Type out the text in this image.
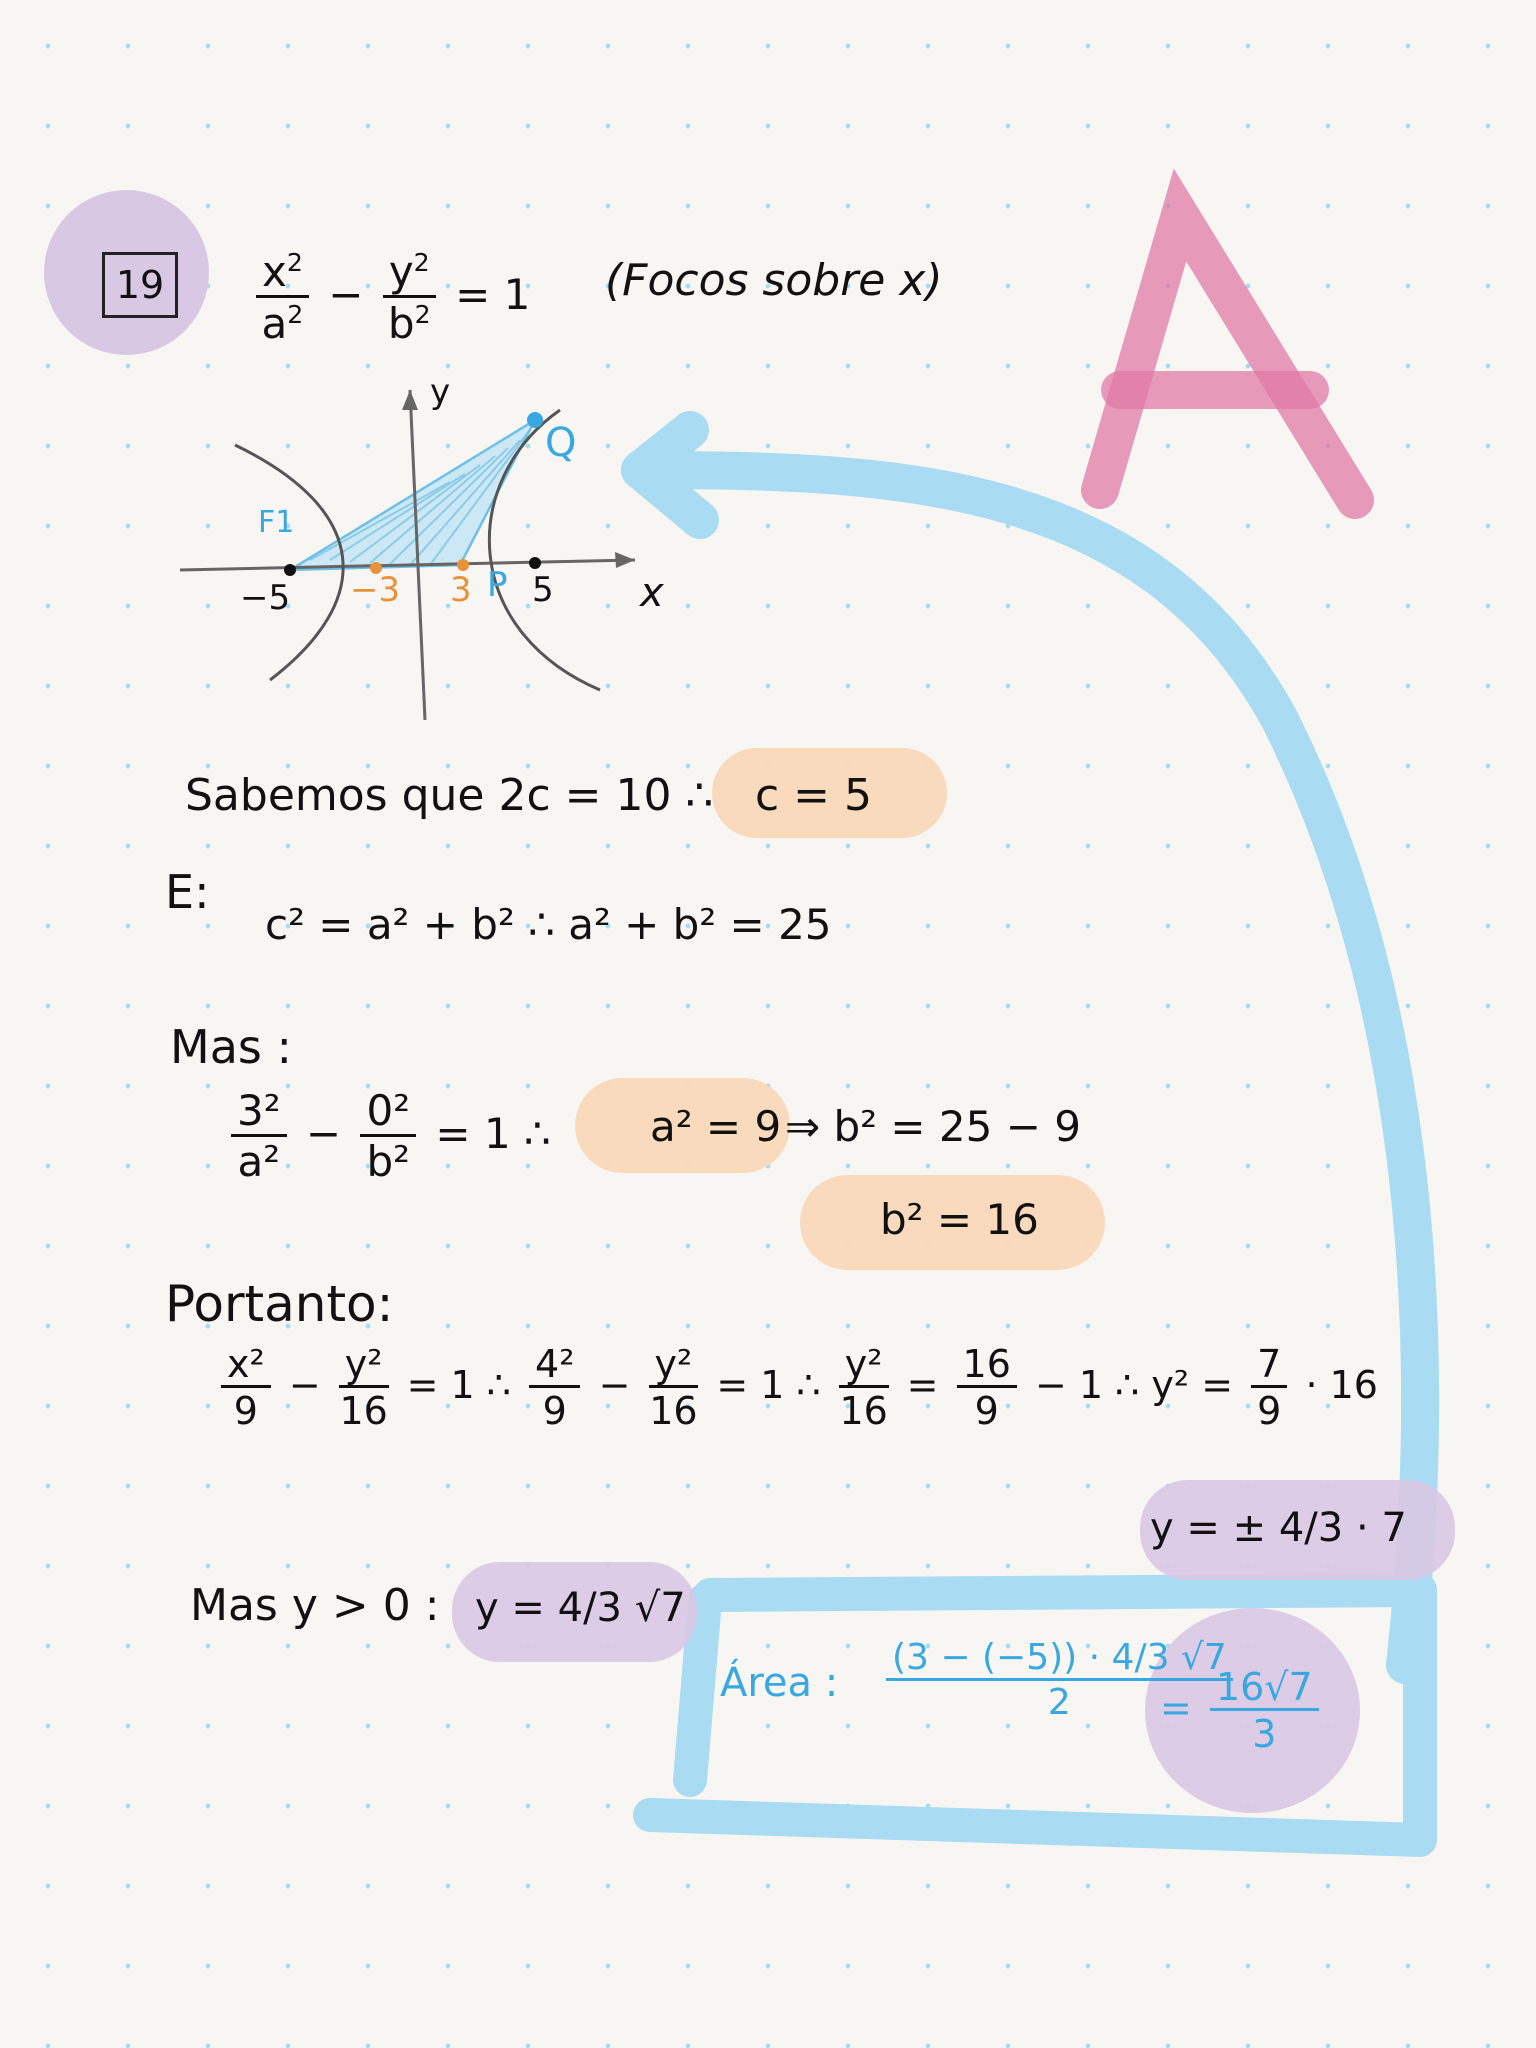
19	$\frac{x^2}{a^2} - \frac{y^2}{b^2} = 1$ (Focos sobre x)
y
Q
F1
−5 −3 3 P 5 x
Sabemos que 2c = 10 ∴ c = 5
E:
c² = a² + b² ∴ a² + b² = 25
Mas :
$\frac{\text{3²}}{\text{a²}} - \frac{\text{0²}}{\text{b²}} = 1$ ∴ a² = 9 ⇒ b² = 25 − 9
b² = 16
Portanto:
$\frac{\text{x²}}{9} - \frac{\text{y²}}{16} = 1$ ∴ $\frac{\text{4²}}{9} - \frac{\text{y²}}{16} = 1$ ∴ $\frac{\text{y²}}{16} = \frac{16}{9} - 1$ ∴ $y^2 = \frac{7}{9} \cdot 16$
y = ± 4/3 · 7
Mas y > 0 : y = 4/3 √7
Área : $\frac{(3 - (-5)) \cdot 4/3 √7}{2}$
= $\frac{16√7}{3}$
